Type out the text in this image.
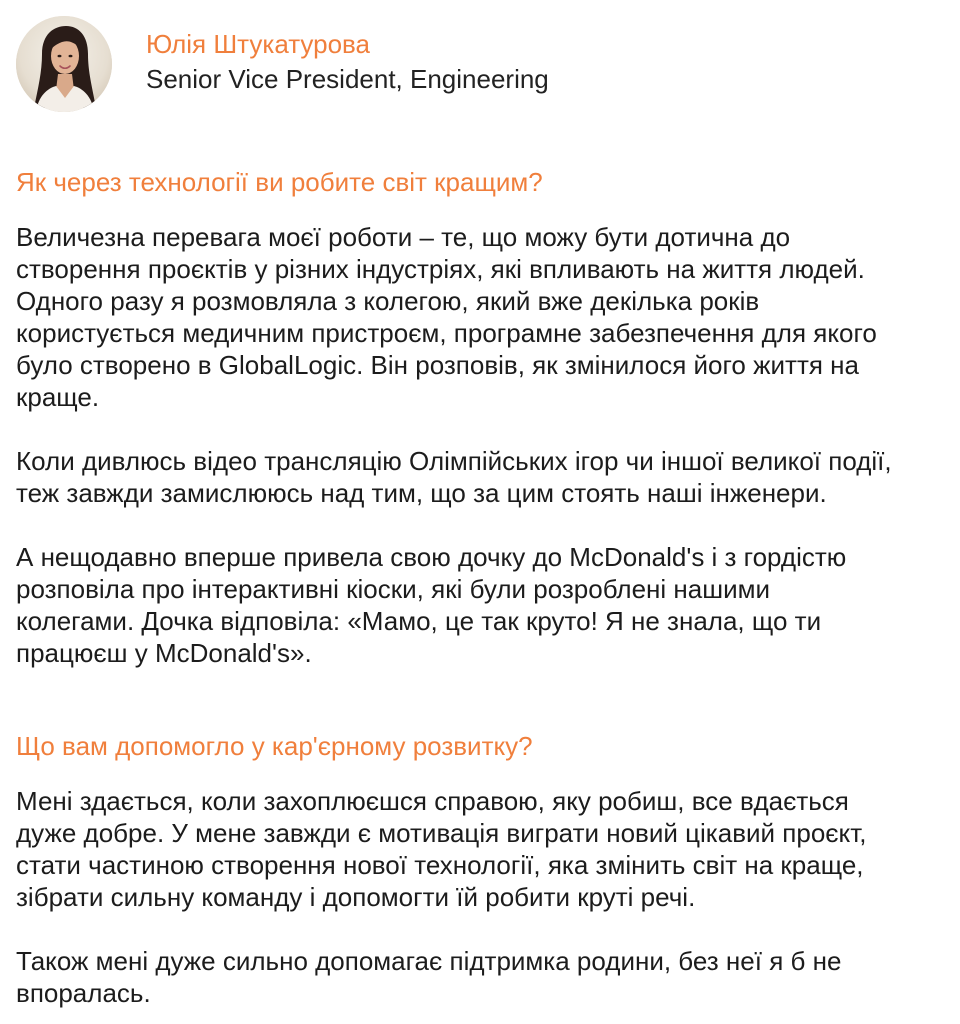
Юлія Штукатурова
Senior Vice President, Engineering
Як через технології ви робите світ кращим?

Величезна перевага моєї роботи – те, що можу бути дотична до
створення проєктів у різних індустріях, які впливають на життя людей.
Одного разу я розмовляла з колегою, який вже декілька років
користується медичним пристроєм, програмне забезпечення для якого
було створено в GlobalLogic. Він розповів, як змінилося його життя на
краще.

Коли дивлюсь відео трансляцію Олімпійських ігор чи іншої великої події,
теж завжди замислююсь над тим, що за цим стоять наші інженери.

А нещодавно вперше привела свою дочку до McDonald's і з гордістю
розповіла про інтерактивні кіоски, які були розроблені нашими
колегами. Дочка відповіла: «Мамо, це так круто! Я не знала, що ти
працюєш у McDonald's».

Що вам допомогло у кар'єрному розвитку?

Мені здається, коли захоплюєшся справою, яку робиш, все вдається
дуже добре. У мене завжди є мотивація виграти новий цікавий проєкт,
стати частиною створення нової технології, яка змінить світ на краще,
зібрати сильну команду і допомогти їй робити круті речі.

Також мені дуже сильно допомагає підтримка родини, без неї я б не
впоралась.
